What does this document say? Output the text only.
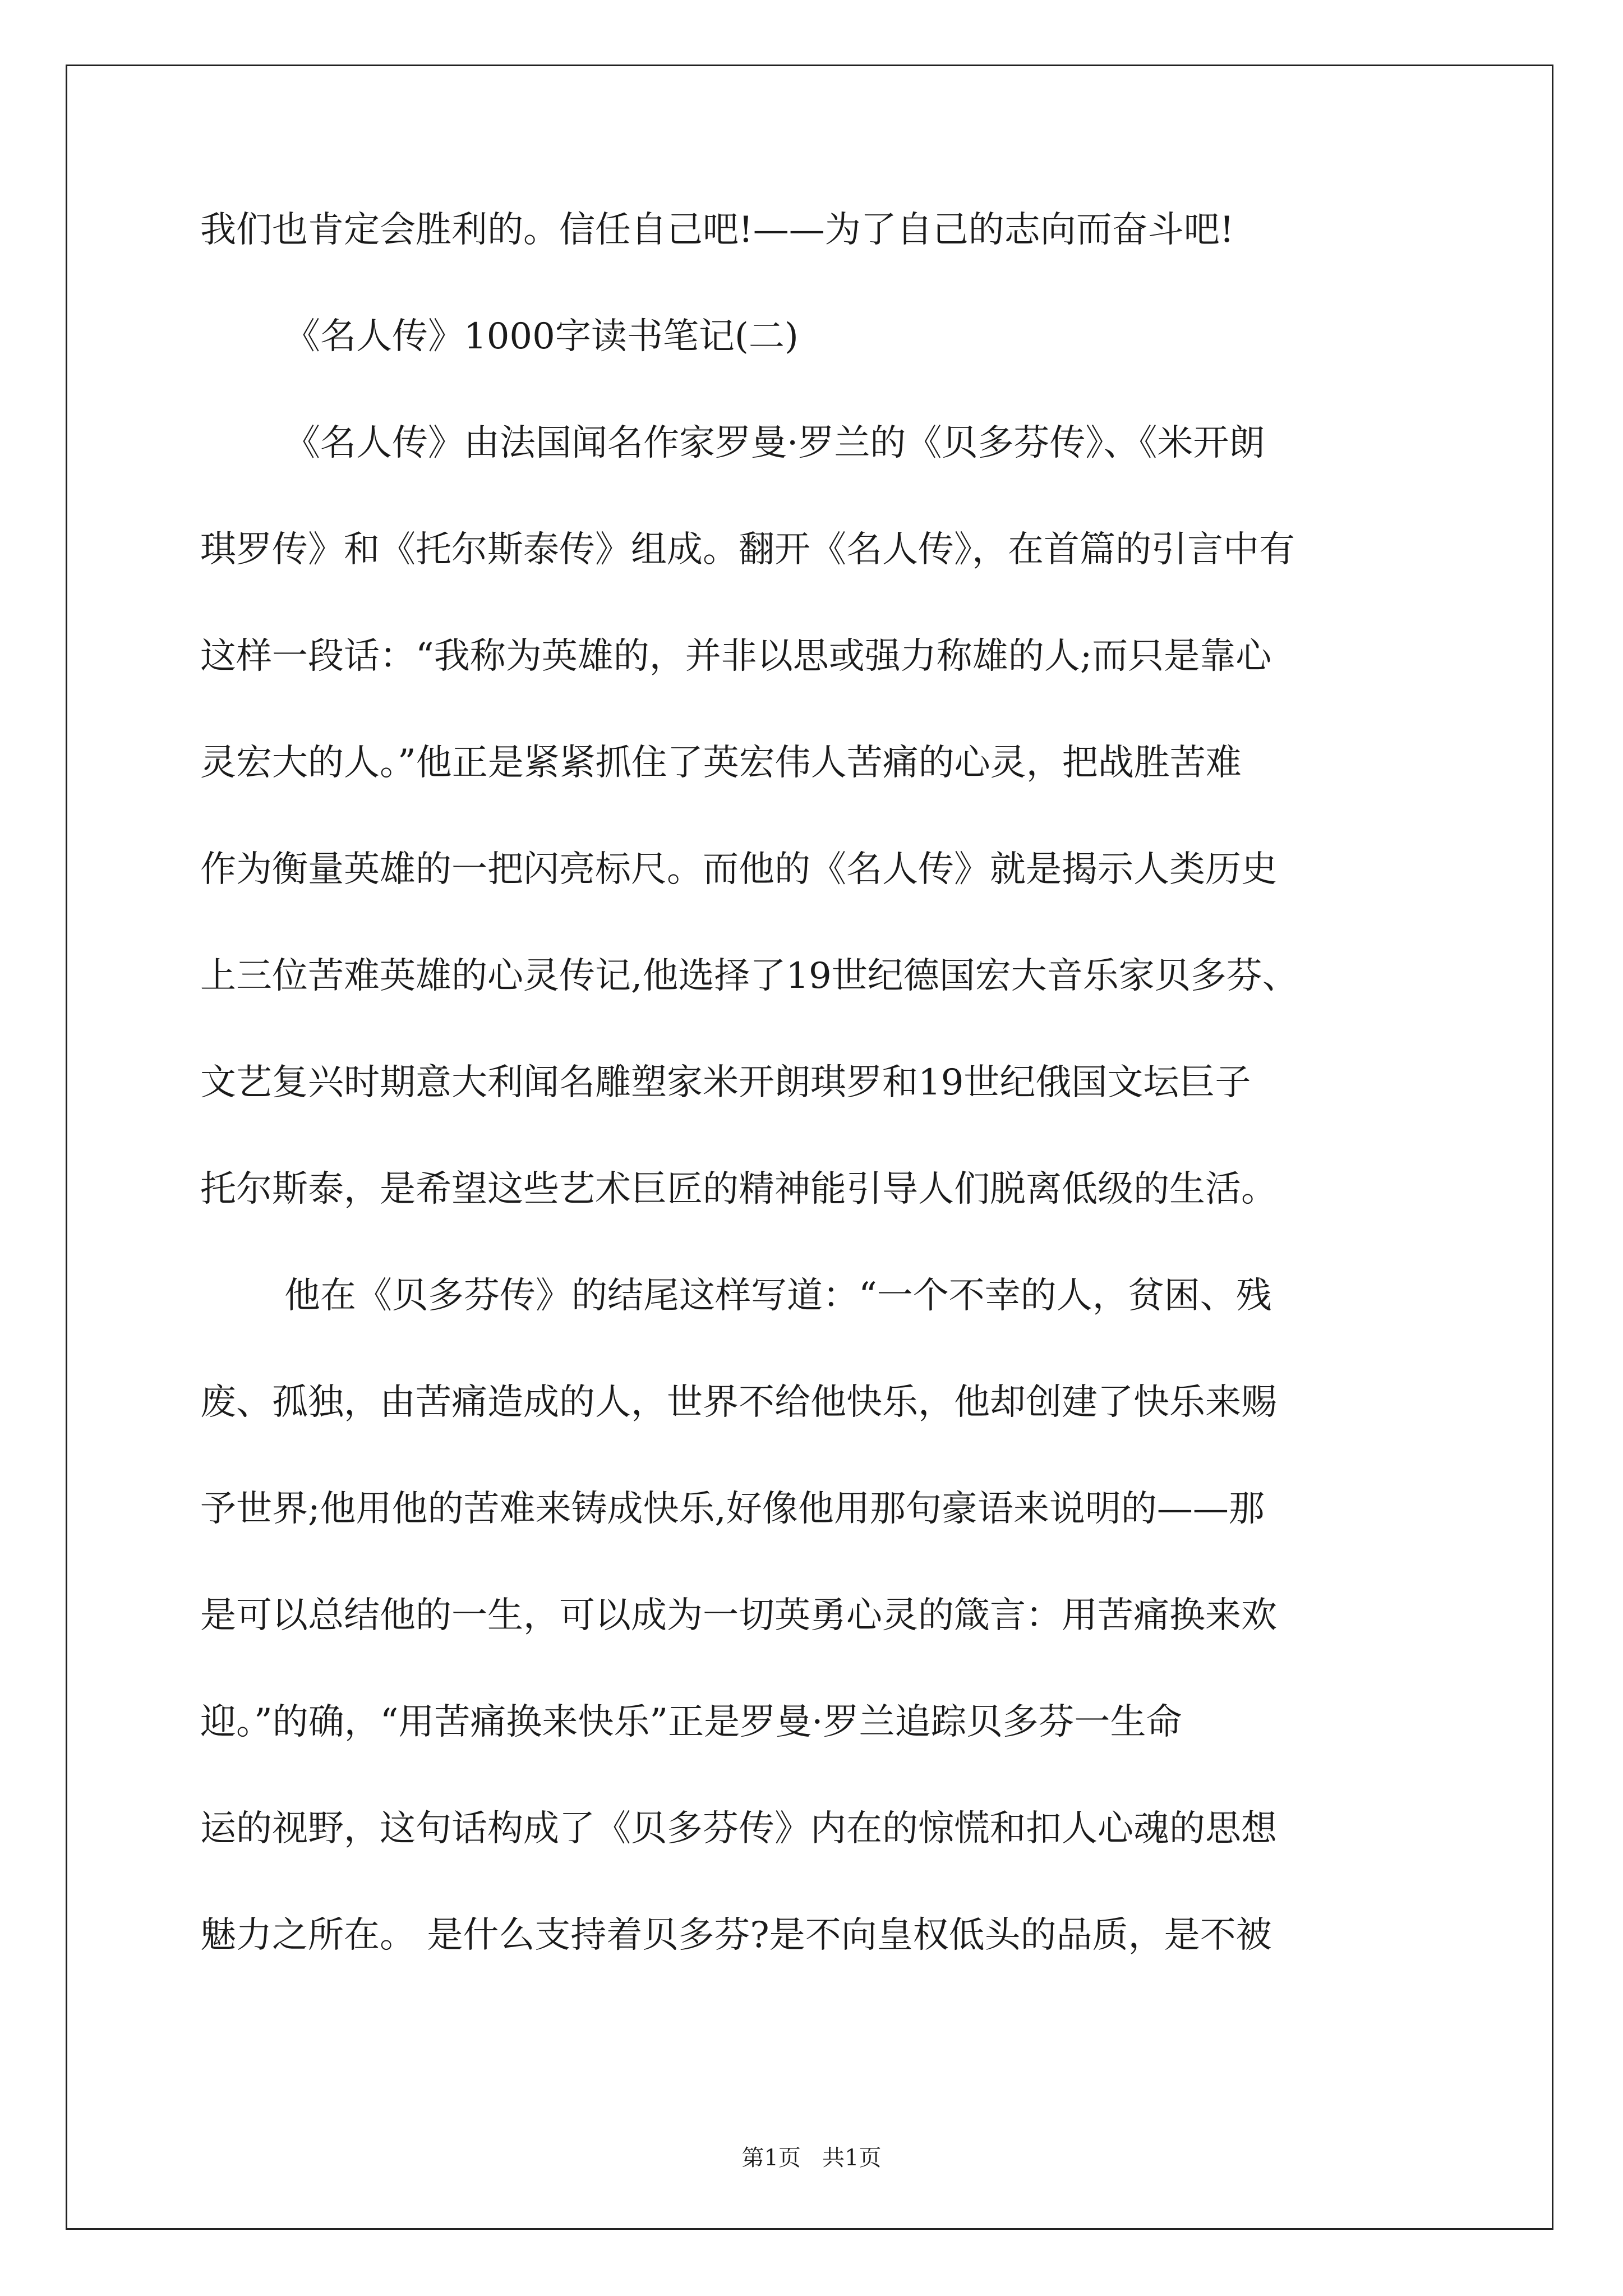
我们也肯定会胜利的。信任自己吧!——为了自己的志向而奋斗吧!
《名人传》1000字读书笔记(二)
《名人传》由法国闻名作家罗曼·罗兰的《贝多芬传》、《米开朗
琪罗传》和《托尔斯泰传》组成。翻开《名人传》，在首篇的引言中有
这样一段话：“我称为英雄的，并非以思或强力称雄的人;而只是靠心
灵宏大的人。”他正是紧紧抓住了英宏伟人苦痛的心灵，把战胜苦难
作为衡量英雄的一把闪亮标尺。而他的《名人传》就是揭示人类历史
上三位苦难英雄的心灵传记,他选择了19世纪德国宏大音乐家贝多芬、
文艺复兴时期意大利闻名雕塑家米开朗琪罗和19世纪俄国文坛巨子
托尔斯泰，是希望这些艺术巨匠的精神能引导人们脱离低级的生活。
他在《贝多芬传》的结尾这样写道：“一个不幸的人，贫困、残
废、孤独，由苦痛造成的人，世界不给他快乐，他却创建了快乐来赐
予世界;他用他的苦难来铸成快乐,好像他用那句豪语来说明的——那
是可以总结他的一生，可以成为一切英勇心灵的箴言：用苦痛换来欢
迎。”的确，“用苦痛换来快乐”正是罗曼·罗兰追踪贝多芬一生命
运的视野，这句话构成了《贝多芬传》内在的惊慌和扣人心魂的思想
魅力之所在。 是什么支持着贝多芬?是不向皇权低头的品质，是不被
第1页   共1页
